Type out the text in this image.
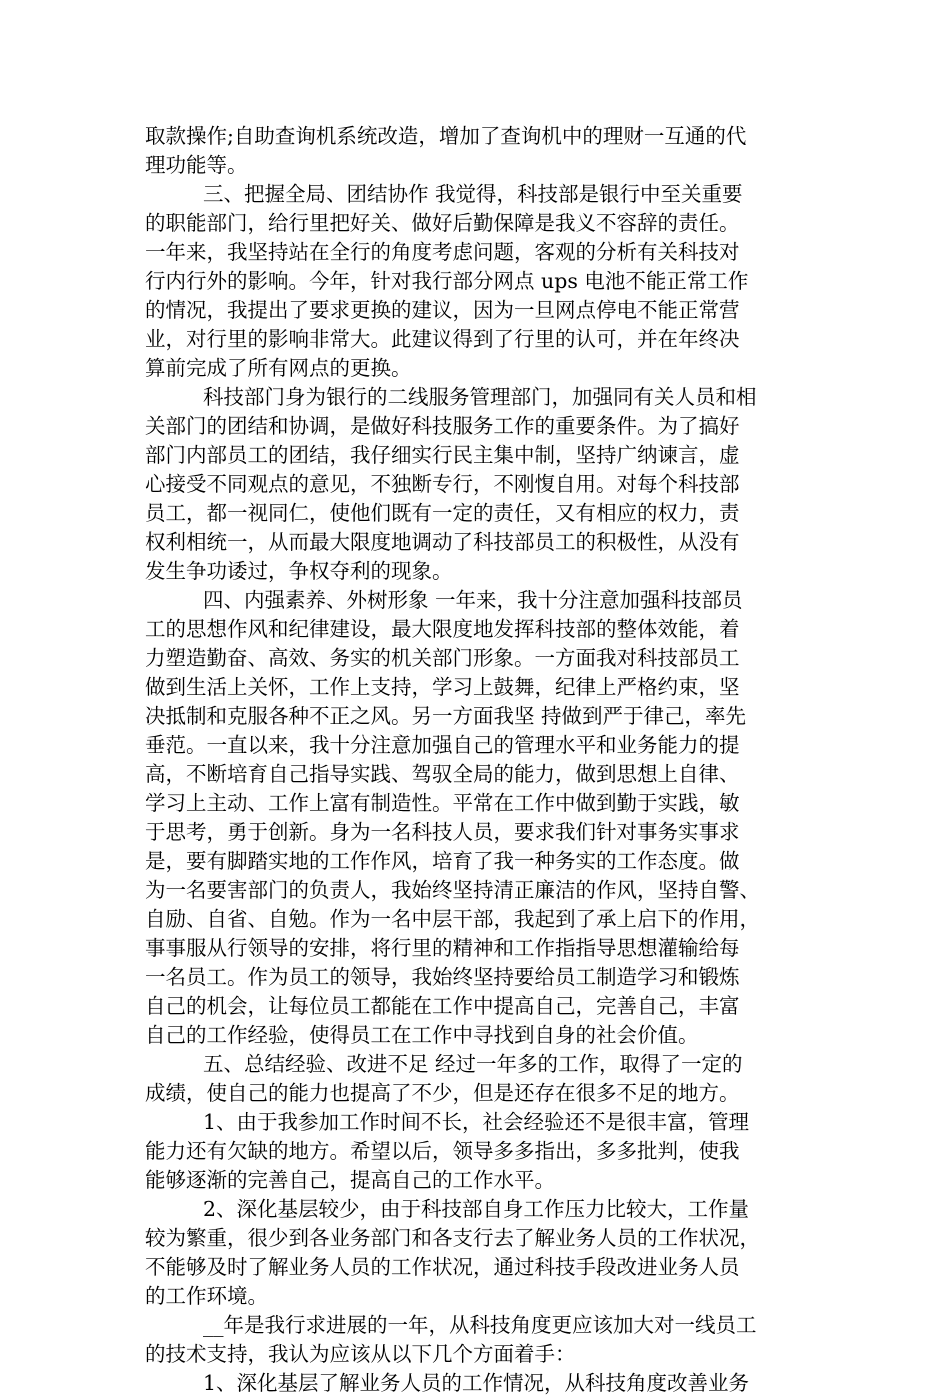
取款操作;自助查询机系统改造，增加了查询机中的理财一互通的代
理功能等。
三、把握全局、团结协作 我觉得，科技部是银行中至关重要
的职能部门，给行里把好关、做好后勤保障是我义不容辞的责任。
一年来，我坚持站在全行的角度考虑问题，客观的分析有关科技对
行内行外的影响。今年，针对我行部分网点 ups 电池不能正常工作
的情况，我提出了要求更换的建议，因为一旦网点停电不能正常营
业，对行里的影响非常大。此建议得到了行里的认可，并在年终决
算前完成了所有网点的更换。
科技部门身为银行的二线服务管理部门，加强同有关人员和相
关部门的团结和协调，是做好科技服务工作的重要条件。为了搞好
部门内部员工的团结，我仔细实行民主集中制，坚持广纳谏言，虚
心接受不同观点的意见，不独断专行，不刚愎自用。对每个科技部
员工，都一视同仁，使他们既有一定的责任，又有相应的权力，责
权利相统一，从而最大限度地调动了科技部员工的积极性，从没有
发生争功诿过，争权夺利的现象。
四、内强素养、外树形象 一年来，我十分注意加强科技部员
工的思想作风和纪律建设，最大限度地发挥科技部的整体效能，着
力塑造勤奋、高效、务实的机关部门形象。一方面我对科技部员工
做到生活上关怀，工作上支持，学习上鼓舞，纪律上严格约束，坚
决抵制和克服各种不正之风。另一方面我坚 持做到严于律己，率先
垂范。一直以来，我十分注意加强自己的管理水平和业务能力的提
高，不断培育自己指导实践、驾驭全局的能力，做到思想上自律、
学习上主动、工作上富有制造性。平常在工作中做到勤于实践，敏
于思考，勇于创新。身为一名科技人员，要求我们针对事务实事求
是，要有脚踏实地的工作作风，培育了我一种务实的工作态度。做
为一名要害部门的负责人，我始终坚持清正廉洁的作风，坚持自警、
自励、自省、自勉。作为一名中层干部，我起到了承上启下的作用，
事事服从行领导的安排，将行里的精神和工作指指导思想灌输给每
一名员工。作为员工的领导，我始终坚持要给员工制造学习和锻炼
自己的机会，让每位员工都能在工作中提高自己，完善自己，丰富
自己的工作经验，使得员工在工作中寻找到自身的社会价值。
五、总结经验、改进不足 经过一年多的工作，取得了一定的
成绩，使自己的能力也提高了不少，但是还存在很多不足的地方。
1、由于我参加工作时间不长，社会经验还不是很丰富，管理
能力还有欠缺的地方。希望以后，领导多多指出，多多批判，使我
能够逐渐的完善自己，提高自己的工作水平。
2、深化基层较少，由于科技部自身工作压力比较大，工作量
较为繁重，很少到各业务部门和各支行去了解业务人员的工作状况，
不能够及时了解业务人员的工作状况，通过科技手段改进业务人员
的工作环境。
__年是我行求进展的一年，从科技角度更应该加大对一线员工
的技术支持，我认为应该从以下几个方面着手：
1、深化基层了解业务人员的工作情况，从科技角度改善业务
